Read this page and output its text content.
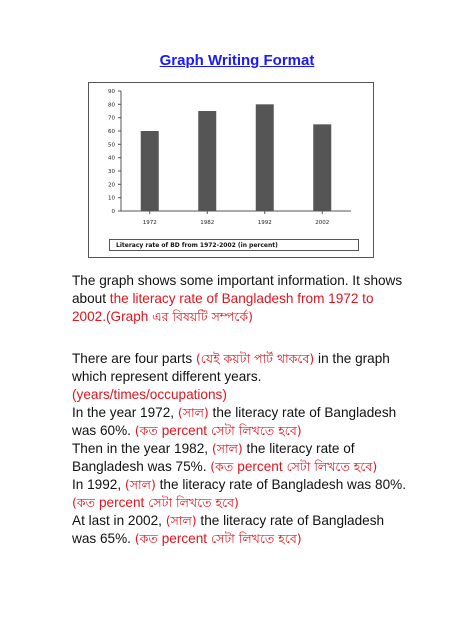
Graph Writing Format
0
10
20
30
40
50
60
70
80
90
1972	1982	1992	2002
Literacy rate of BD from 1972-2002 (in percent)

The graph shows some important information. It shows about the literacy rate of Bangladesh from 1972 to 2002.(Graph এর বিষয়টি সম্পর্কে)

There are four parts (যেই কয়টা পার্ট থাকবে) in the graph which represent different years.(years/times/occupations)

In the year 1972, (সাল) the literacy rate of Bangladesh was 60%. (কত percent সেটা লিখতে হবে)

Then in the year 1982, (সাল) the literacy rate of Bangladesh was 75%. (কত percent সেটা লিখতে হবে)

In 1992, (সাল) the literacy rate of Bangladesh was 80%. (কত percent সেটা লিখতে হবে)

At last in 2002, (সাল) the literacy rate of Bangladesh was 65%. (কত percent সেটা লিখতে হবে)
